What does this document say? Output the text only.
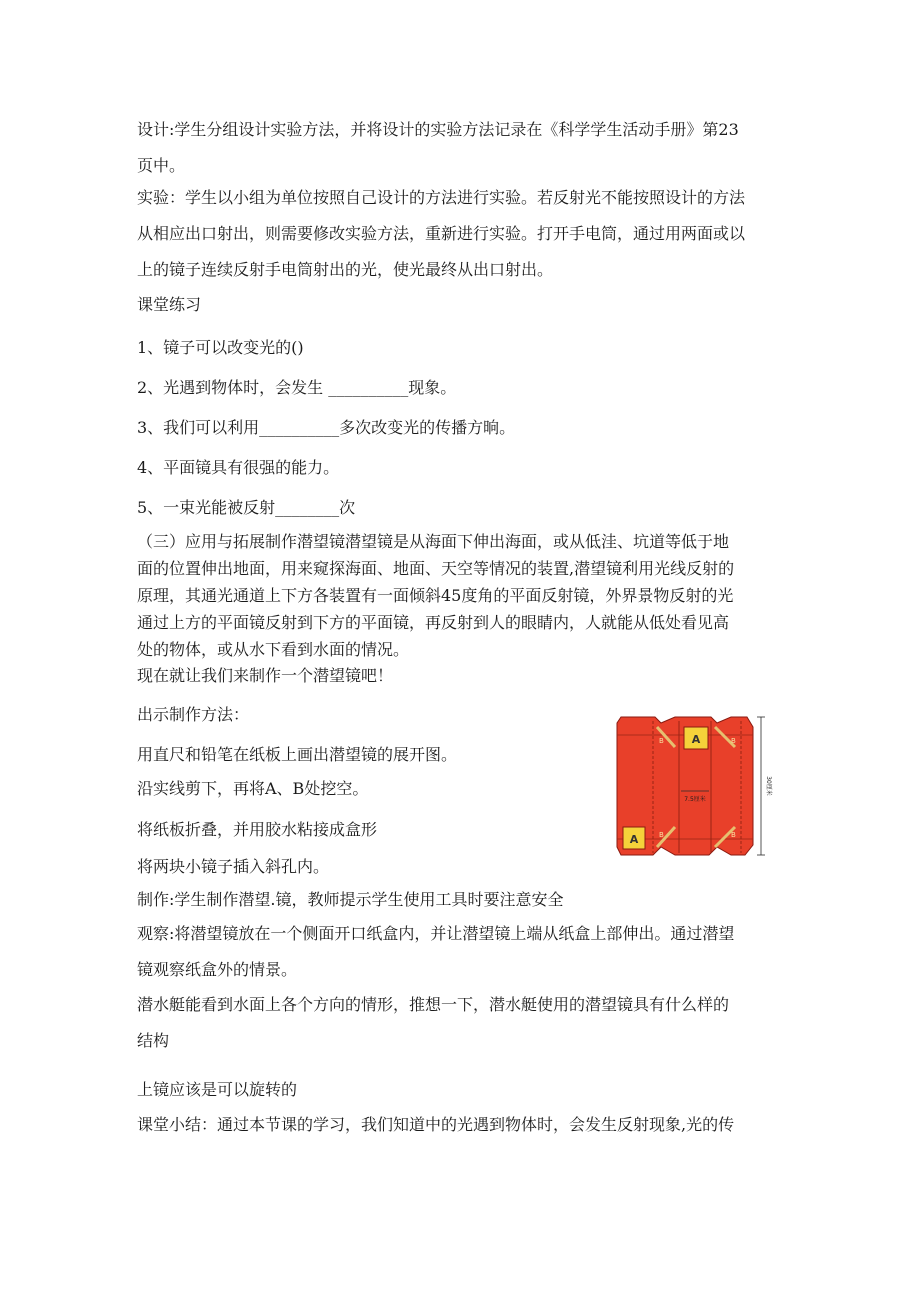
设计:学生分组设计实验方法，并将设计的实验方法记录在《科学学生活动手册》第23
页中。
实验：学生以小组为单位按照自己设计的方法进行实验。若反射光不能按照设计的方法
从相应出口射出，则需要修改实验方法，重新进行实验。打开手电筒，通过用两面或以
上的镜子连续反射手电筒射出的光，使光最终从出口射出。
课堂练习
1、镜子可以改变光的()
2、光遇到物体时，会发生 __________现象。
3、我们可以利用__________多次改变光的传播方晌。
4、平面镜具有很强的能力。
5、一束光能被反射________次
（三）应用与拓展制作潜望镜潜望镜是从海面下伸出海面，或从低洼、坑道等低于地
面的位置伸出地面，用来窥探海面、地面、天空等情况的装置,潜望镜利用光线反射的
原理，其通光通道上下方各装置有一面倾斜45度角的平面反射镜，外界景物反射的光
通过上方的平面镜反射到下方的平面镜，再反射到人的眼睛内，人就能从低处看见高
处的物体，或从水下看到水面的情况。
现在就让我们来制作一个潜望镜吧！
出示制作方法：
用直尺和铅笔在纸板上画出潜望镜的展开图。
沿实线剪下，再将A、B处挖空。
将纸板折叠，并用胶水粘接成盒形
将两块小镜子插入斜孔内。
制作:学生制作潜望.镜，教师提示学生使用工具时要注意安全
观察:将潜望镜放在一个侧面开口纸盒内，并让潜望镜上端从纸盒上部伸出。通过潜望
镜观察纸盒外的情景。
潜水艇能看到水面上各个方向的情形，推想一下，潜水艇使用的潜望镜具有什么样的
结构
上镜应该是可以旋转的
课堂小结：通过本节课的学习，我们知道中的光遇到物体时，会发生反射现象,光的传
A
A
B	B
B	B
7.5厘米
30厘米
